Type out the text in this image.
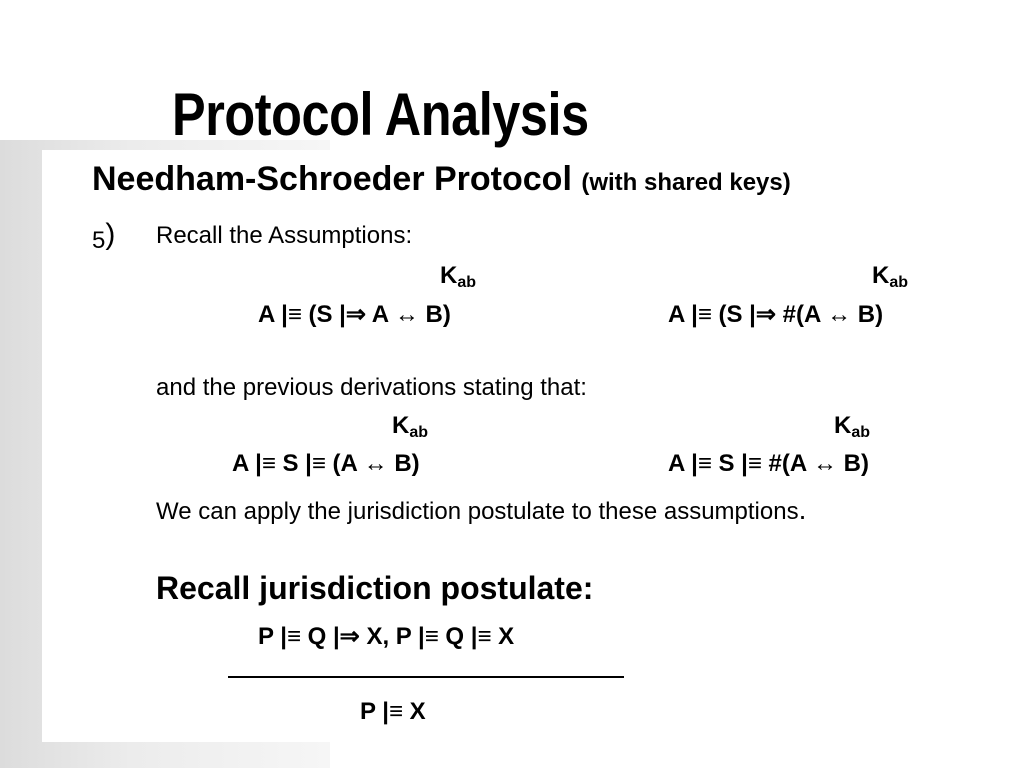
Protocol Analysis
Needham-Schroeder Protocol (with shared keys)
5) Recall the Assumptions:
$K_{ab}$
A |≡ (S |⇒ A ↔ B)
$K_{ab}$
A |≡ (S |⇒ #(A ↔ B)
and the previous derivations stating that:
$K_{ab}$
A |≡ S |≡ (A ↔ B)
$K_{ab}$
A |≡ S |≡ #(A ↔ B)
We can apply the jurisdiction postulate to these assumptions.
Recall jurisdiction postulate:
P |≡ Q |⇒ X, P |≡ Q |≡ X
P |≡ X
